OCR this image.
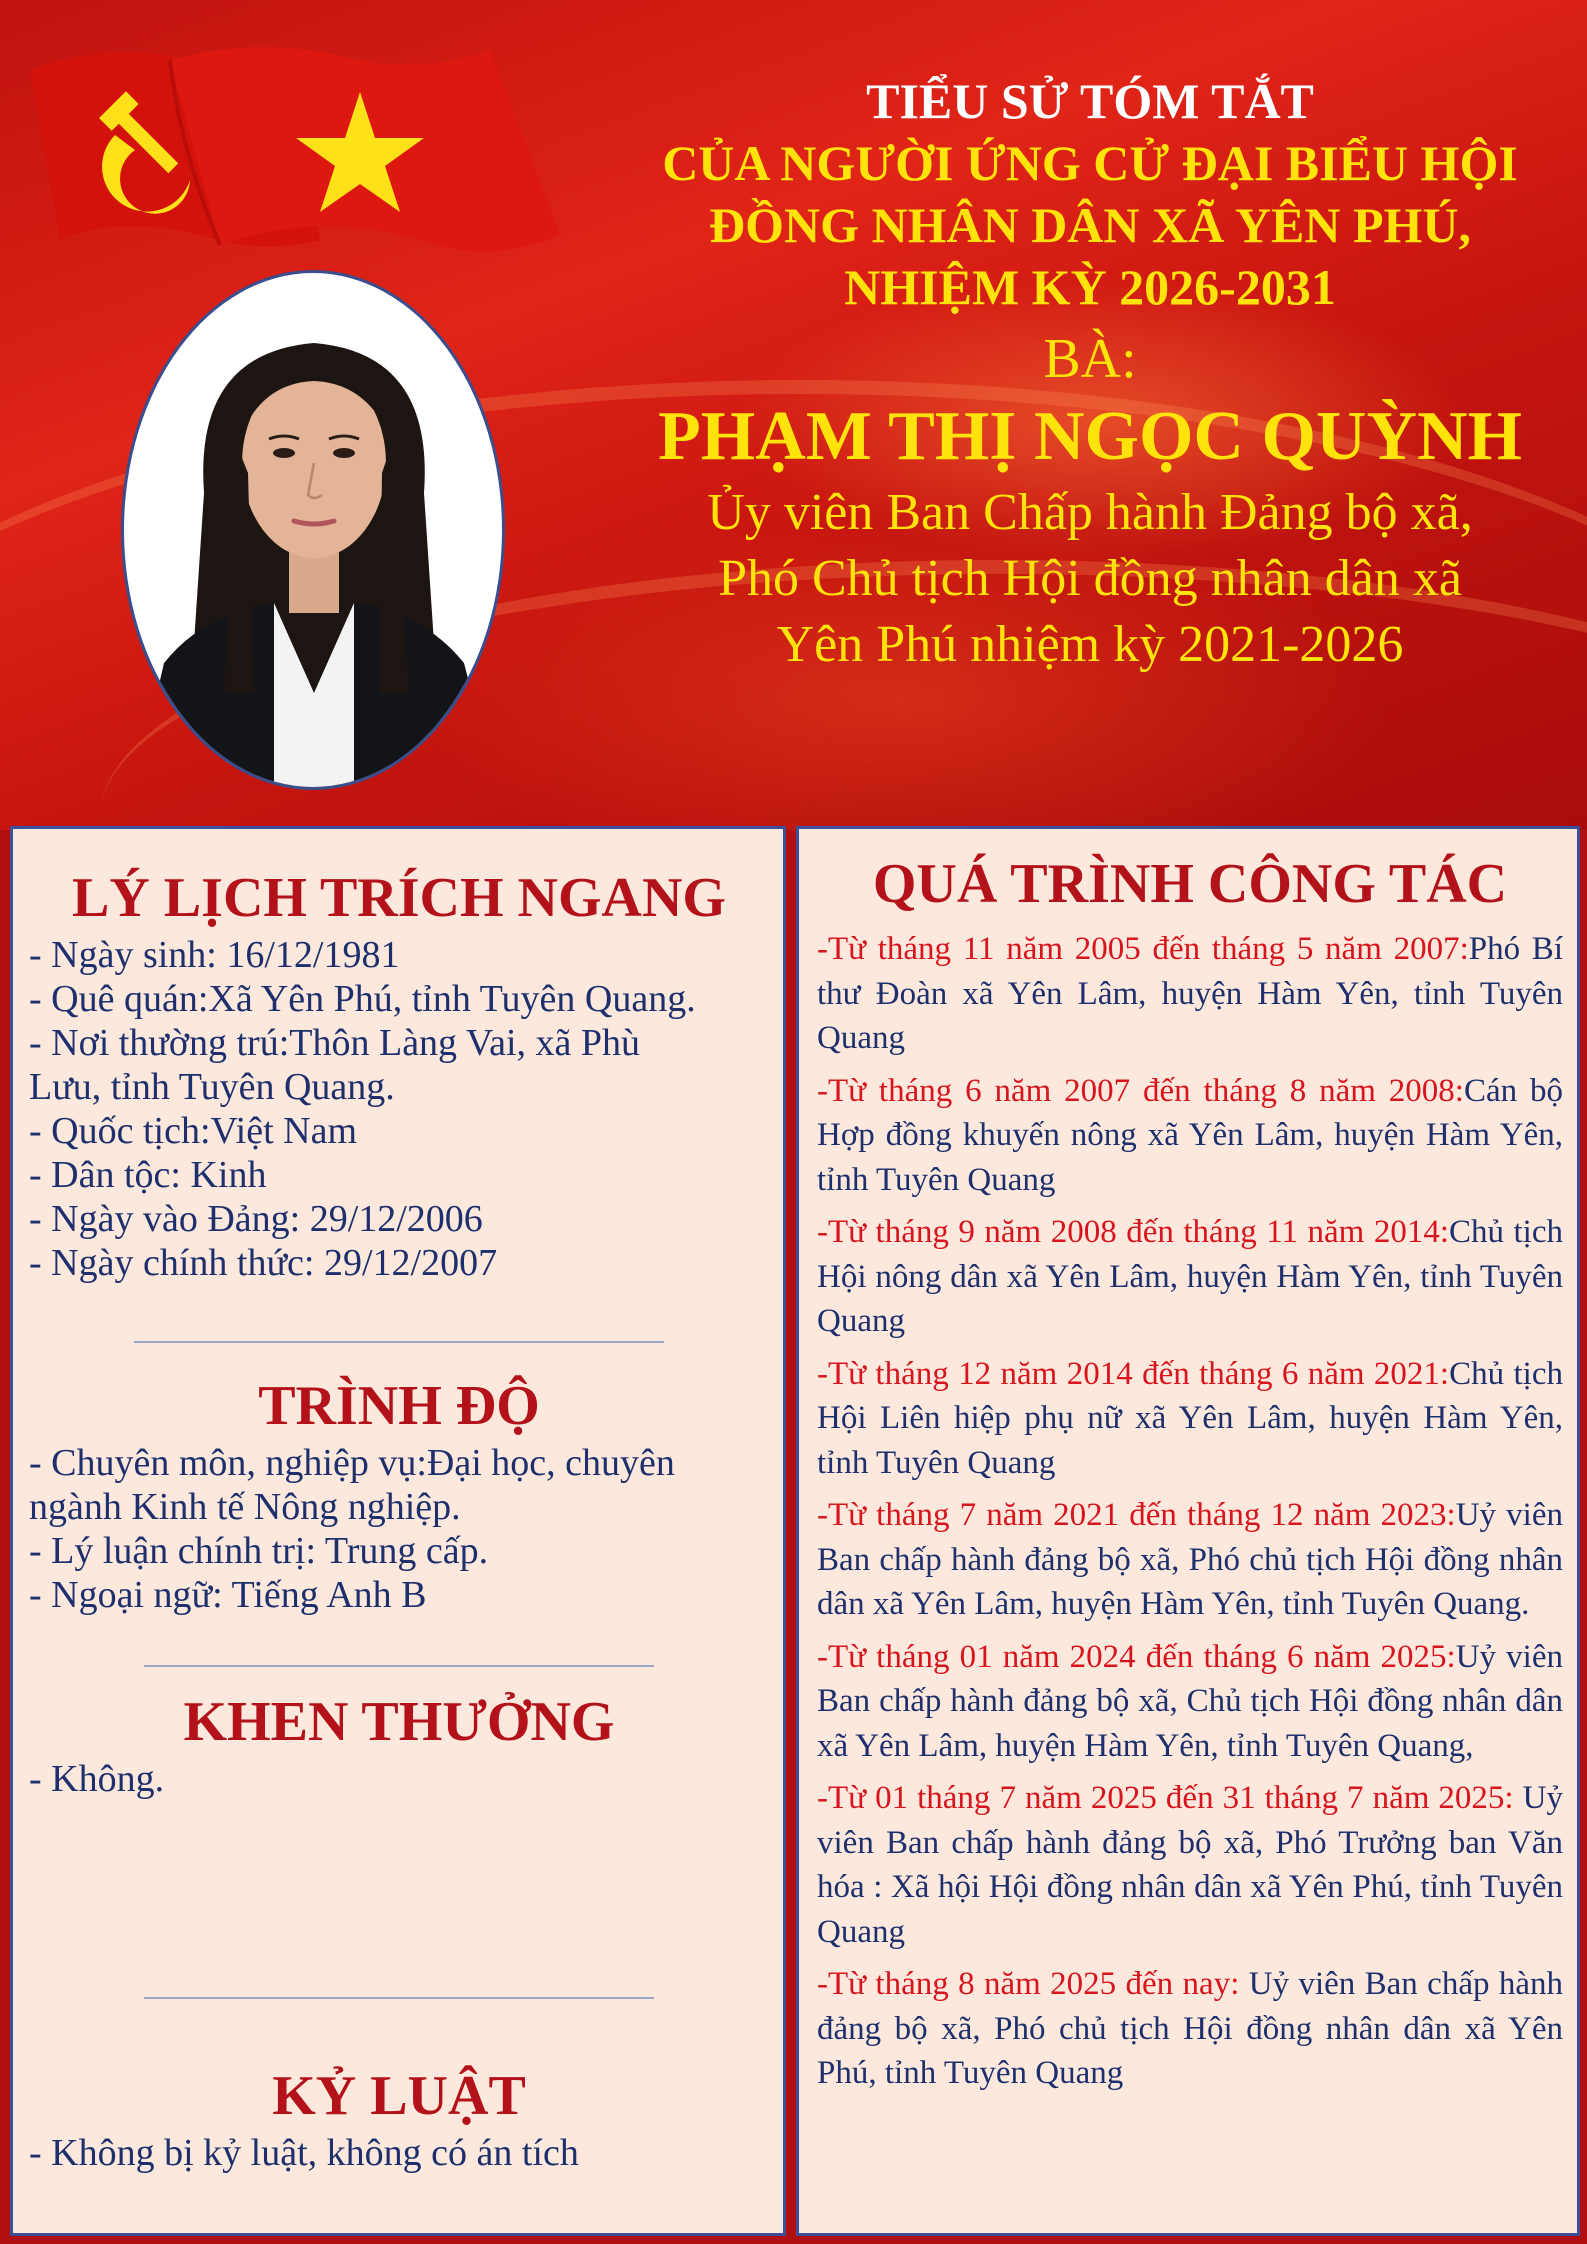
TIỂU SỬ TÓM TẮT
CỦA NGƯỜI ỨNG CỬ ĐẠI BIỂU HỘI
ĐỒNG NHÂN DÂN XÃ YÊN PHÚ,
NHIỆM KỲ 2026-2031
BÀ:
PHẠM THỊ NGỌC QUỲNH
Ủy viên Ban Chấp hành Đảng bộ xã,
Phó Chủ tịch Hội đồng nhân dân xã
Yên Phú nhiệm kỳ 2021-2026
LÝ LỊCH TRÍCH NGANG

- Ngày sinh: 16/12/1981

- Quê quán:Xã Yên Phú, tỉnh Tuyên Quang.

- Nơi thường trú:Thôn Làng Vai, xã Phù

Lưu, tỉnh Tuyên Quang.

- Quốc tịch:Việt Nam

- Dân tộc: Kinh

- Ngày vào Đảng: 29/12/2006

- Ngày chính thức: 29/12/2007

TRÌNH ĐỘ

- Chuyên môn, nghiệp vụ:Đại học, chuyên

ngành Kinh tế Nông nghiệp.

- Lý luận chính trị: Trung cấp.

- Ngoại ngữ: Tiếng Anh B

KHEN THƯỞNG

- Không.

KỶ LUẬT

- Không bị kỷ luật, không có án tích

QUÁ TRÌNH CÔNG TÁC

-Từ tháng 11 năm 2005 đến tháng 5 năm 2007:Phó Bí thư Đoàn xã Yên Lâm, huyện Hàm Yên, tỉnh Tuyên Quang

-Từ tháng 6 năm 2007 đến tháng 8 năm 2008:Cán bộ Hợp đồng khuyến nông xã Yên Lâm, huyện Hàm Yên, tỉnh Tuyên Quang

-Từ tháng 9 năm 2008 đến tháng 11 năm 2014:Chủ tịch Hội nông dân xã Yên Lâm, huyện Hàm Yên, tỉnh Tuyên Quang

-Từ tháng 12 năm 2014 đến tháng 6 năm 2021:Chủ tịch Hội Liên hiệp phụ nữ xã Yên Lâm, huyện Hàm Yên, tỉnh Tuyên Quang

-Từ tháng 7 năm 2021 đến tháng 12 năm 2023:Uỷ viên Ban chấp hành đảng bộ xã, Phó chủ tịch Hội đồng nhân dân xã Yên Lâm, huyện Hàm Yên, tỉnh Tuyên Quang.

-Từ tháng 01 năm 2024 đến tháng 6 năm 2025:Uỷ viên Ban chấp hành đảng bộ xã, Chủ tịch Hội đồng nhân dân xã Yên Lâm, huyện Hàm Yên, tỉnh Tuyên Quang,

-Từ 01 tháng 7 năm 2025 đến 31 tháng 7 năm 2025: Uỷ viên Ban chấp hành đảng bộ xã, Phó Trưởng ban Văn hóa : Xã hội Hội đồng nhân dân xã Yên Phú, tỉnh Tuyên Quang

-Từ tháng 8 năm 2025 đến nay: Uỷ viên Ban chấp hành đảng bộ xã, Phó chủ tịch Hội đồng nhân dân xã Yên Phú, tỉnh Tuyên Quang
